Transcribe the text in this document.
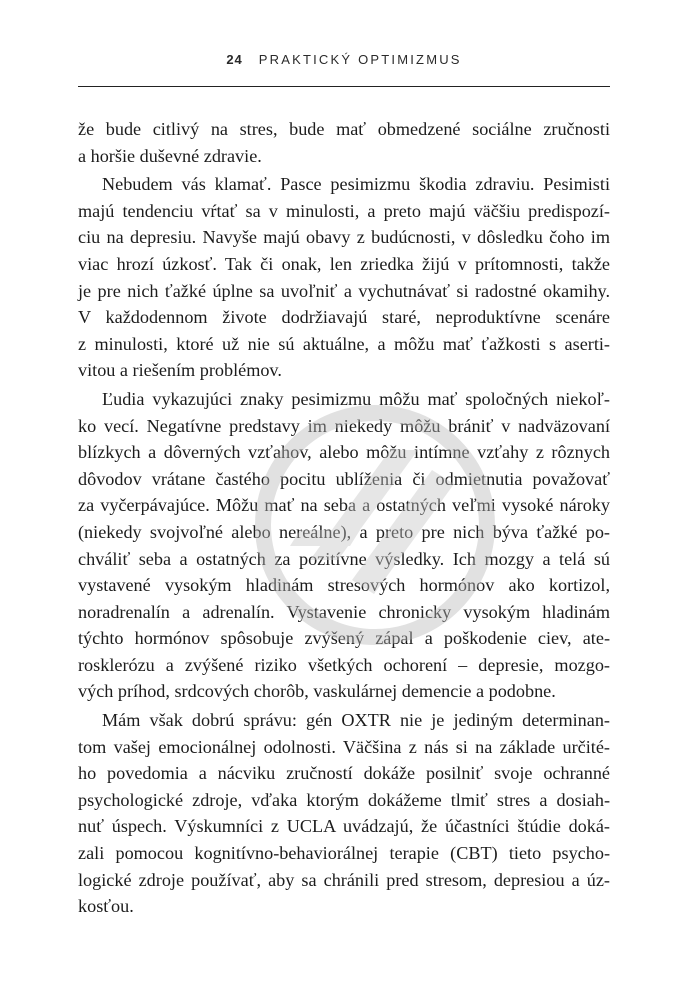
24 PRAKTICKÝ OPTIMIZMUS
že bude citlivý na stres, bude mať obmedzené sociálne zručnosti
a horšie duševné zdravie.
Nebudem vás klamať. Pasce pesimizmu škodia zdraviu. Pesimisti
majú tendenciu vŕtať sa v minulosti, a preto majú väčšiu predispozí-
ciu na depresiu. Navyše majú obavy z budúcnosti, v dôsledku čoho im
viac hrozí úzkosť. Tak či onak, len zriedka žijú v prítomnosti, takže
je pre nich ťažké úplne sa uvoľniť a vychutnávať si radostné okamihy.
V každodennom živote dodržiavajú staré, neproduktívne scenáre
z minulosti, ktoré už nie sú aktuálne, a môžu mať ťažkosti s aserti-
vitou a riešením problémov.
Ľudia vykazujúci znaky pesimizmu môžu mať spoločných niekoľ-
ko vecí. Negatívne predstavy im niekedy môžu brániť v nadväzovaní
blízkych a dôverných vzťahov, alebo môžu intímne vzťahy z rôznych
dôvodov vrátane častého pocitu ublíženia či odmietnutia považovať
za vyčerpávajúce. Môžu mať na seba a ostatných veľmi vysoké nároky
(niekedy svojvoľné alebo nereálne), a preto pre nich býva ťažké po-
chváliť seba a ostatných za pozitívne výsledky. Ich mozgy a telá sú
vystavené vysokým hladinám stresových hormónov ako kortizol,
noradrenalín a adrenalín. Vystavenie chronicky vysokým hladinám
týchto hormónov spôsobuje zvýšený zápal a poškodenie ciev, ate-
rosklerózu a zvýšené riziko všetkých ochorení – depresie, mozgo-
vých príhod, srdcových chorôb, vaskulárnej demencie a podobne.
Mám však dobrú správu: gén OXTR nie je jediným determinan-
tom vašej emocionálnej odolnosti. Väčšina z nás si na základe určité-
ho povedomia a nácviku zručností dokáže posilniť svoje ochranné
psychologické zdroje, vďaka ktorým dokážeme tlmiť stres a dosiah-
nuť úspech. Výskumníci z UCLA uvádzajú, že účastníci štúdie doká-
zali pomocou kognitívno-behaviorálnej terapie (CBT) tieto psycho-
logické zdroje používať, aby sa chránili pred stresom, depresiou a úz-
kosťou.
